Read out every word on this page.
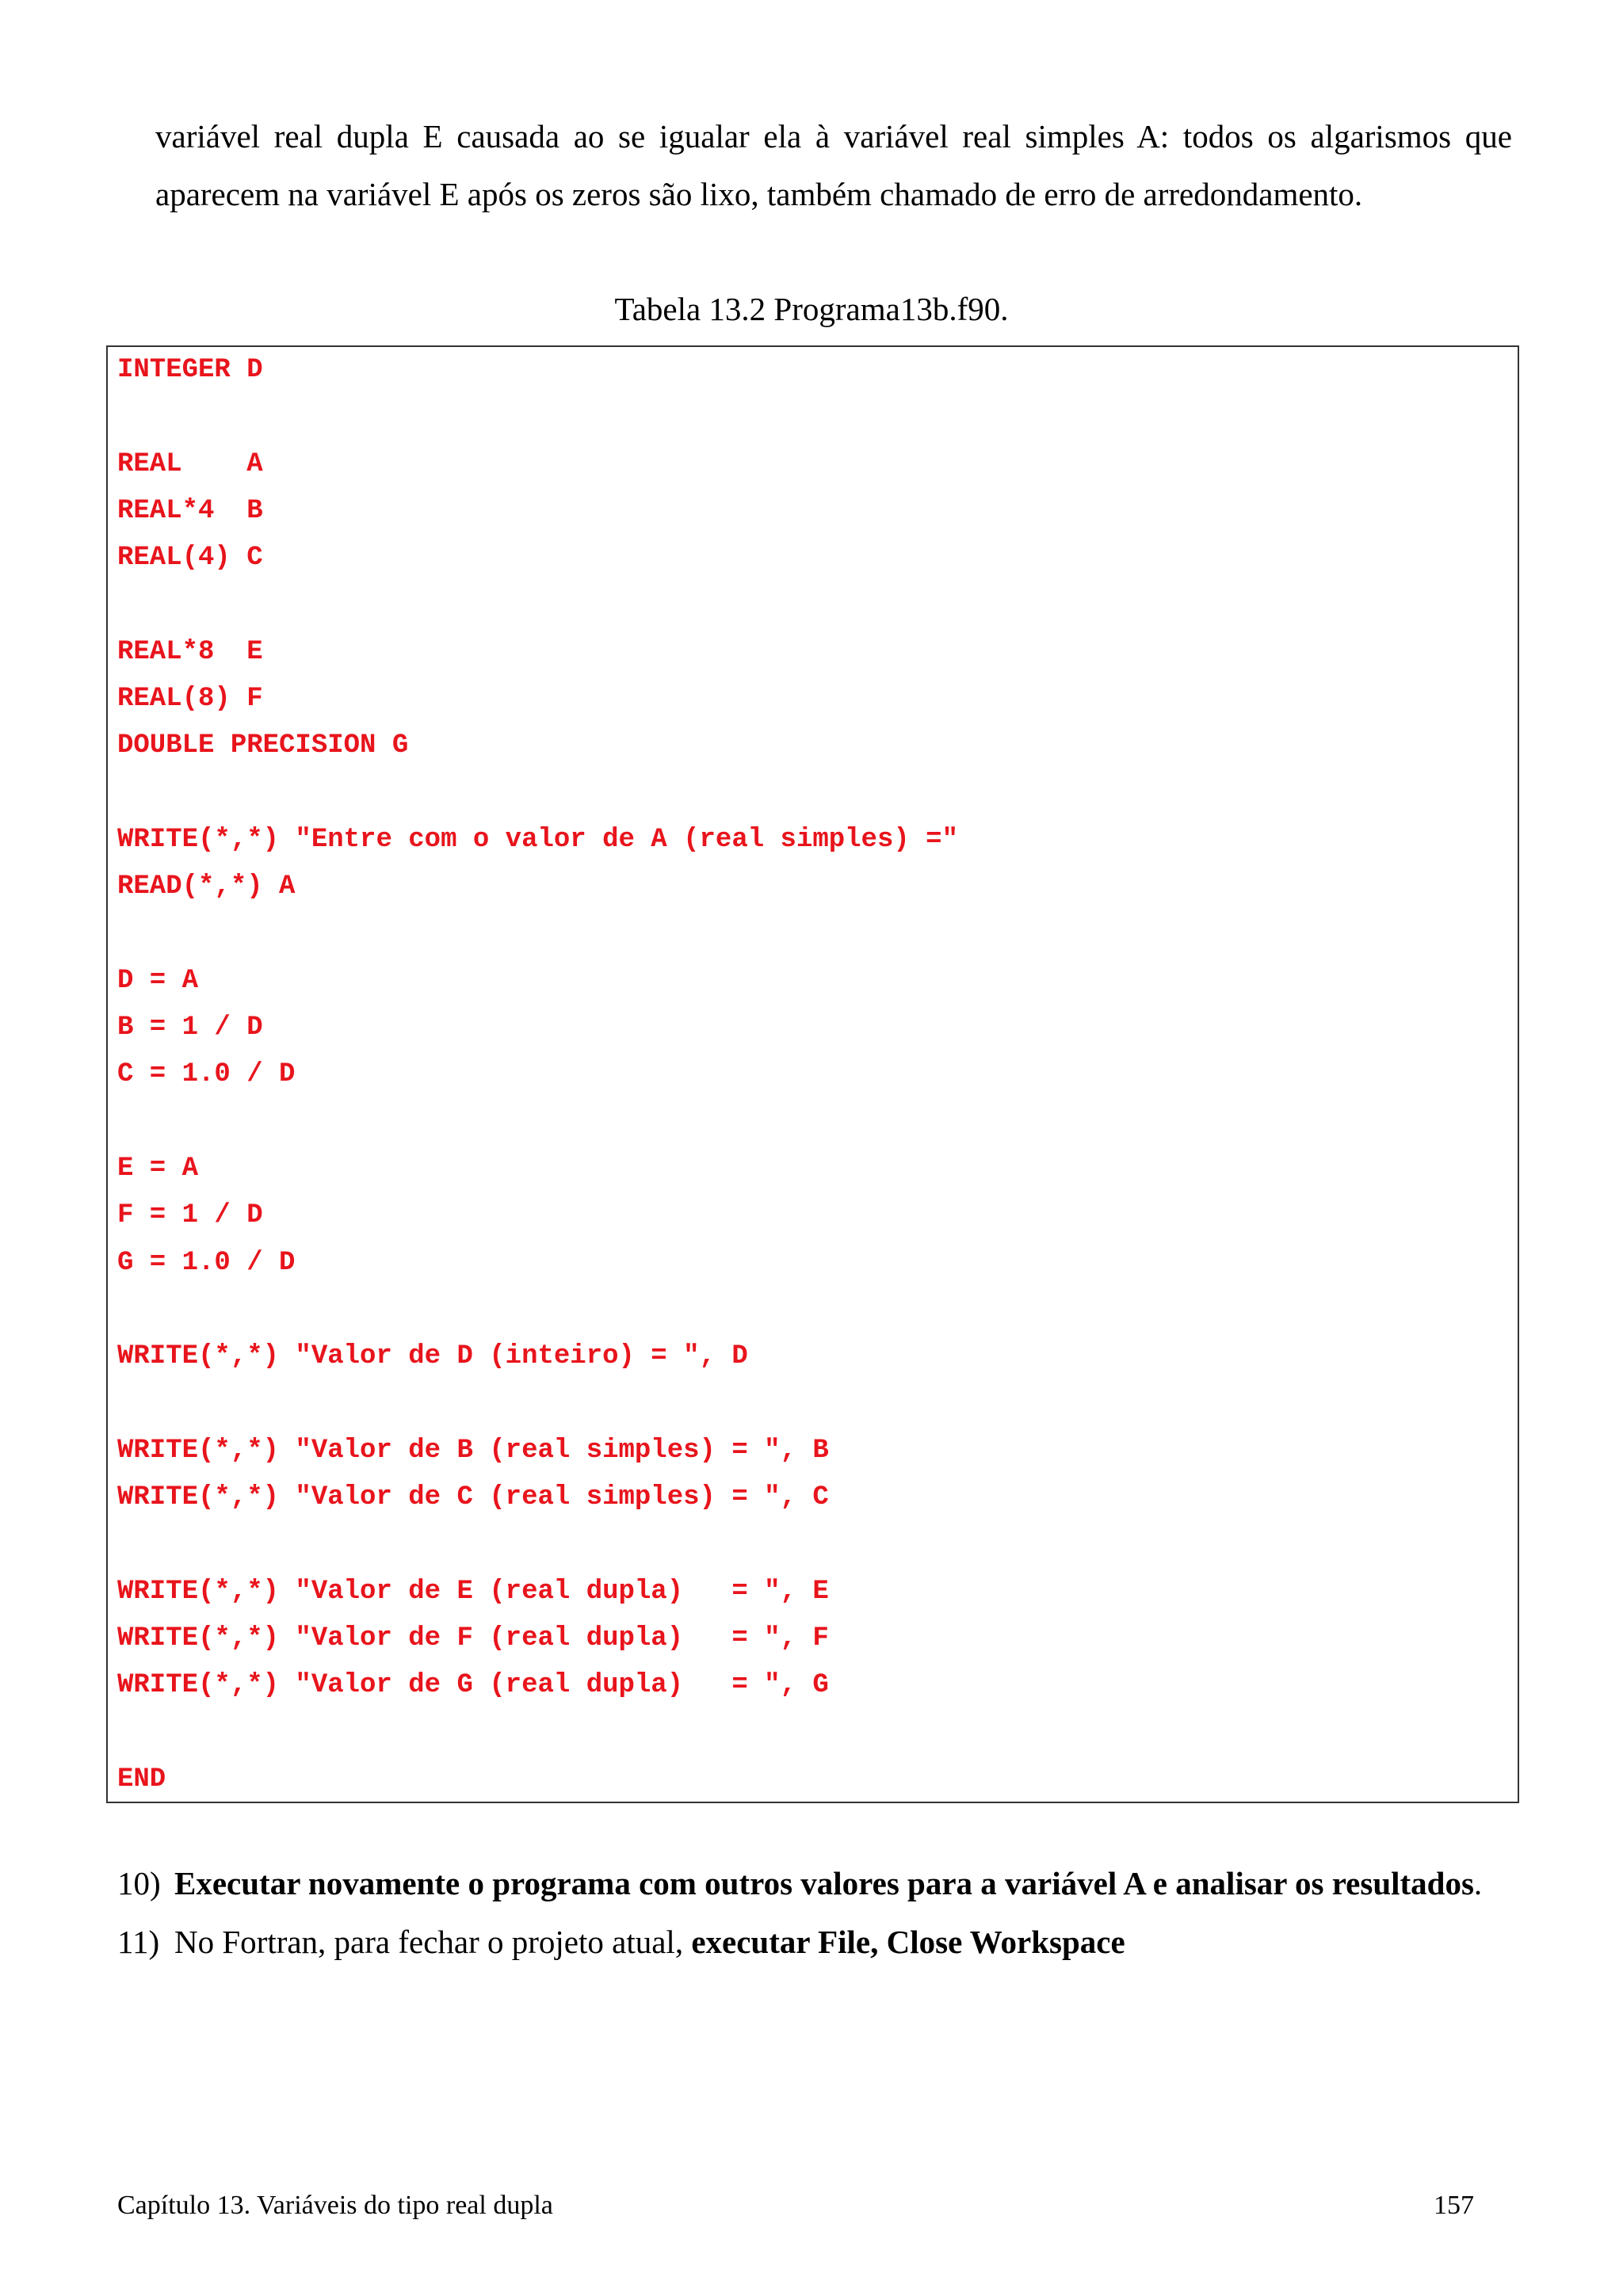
variável real dupla E causada ao se igualar ela à variável real simples A: todos os algarismos que aparecem na variável E após os zeros são lixo, também chamado de erro de arredondamento.

Tabela 13.2 Programa13b.f90.

INTEGER D
REAL    A
REAL*4  B
REAL(4) C
REAL*8  E
REAL(8) F
DOUBLE PRECISION G
WRITE(*,*) "Entre com o valor de A (real simples) ="
READ(*,*) A
D = A
B = 1 / D
C = 1.0 / D
E = A
F = 1 / D
G = 1.0 / D
WRITE(*,*) "Valor de D (inteiro) = ", D
WRITE(*,*) "Valor de B (real simples) = ", B
WRITE(*,*) "Valor de C (real simples) = ", C
WRITE(*,*) "Valor de E (real dupla)   = ", E
WRITE(*,*) "Valor de F (real dupla)   = ", F
WRITE(*,*) "Valor de G (real dupla)   = ", G
END
10) Executar novamente o programa com outros valores para a variável A e analisar os resultados.
11) No Fortran, para fechar o projeto atual, executar File, Close Workspace
Capítulo 13. Variáveis do tipo real dupla	157
